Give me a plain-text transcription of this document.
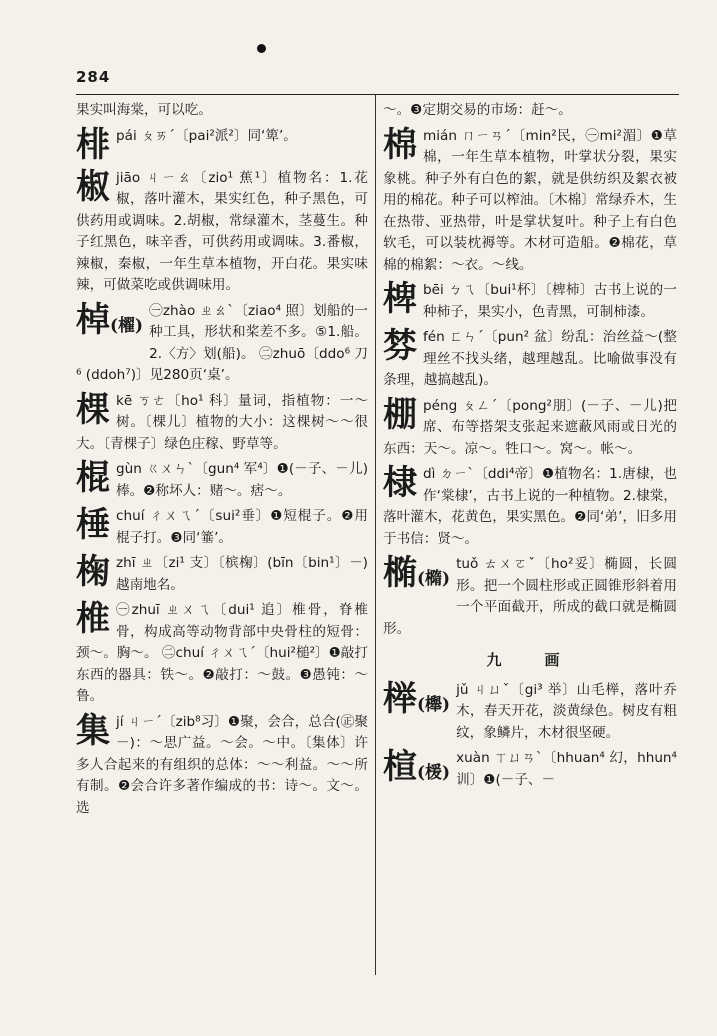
284
果实叫海棠，可以吃。
棑pái ㄆㄞˊ〔pai²派²〕同‘箄’。
椒jiāo ㄐㄧㄠ〔zio¹ 蕉¹〕植物名：1.花椒，落叶灌木，果实红色，种子黑色，可供药用或调味。2.胡椒，常绿灌木，茎蔓生。种子红黑色，味辛香，可供药用或调味。3.番椒，辣椒，秦椒，一年生草本植物，开白花。果实味辣，可做菜吃或供调味用。
棹(櫂)
㊀zhào ㄓㄠˋ〔ziao⁴ 照〕划船的一种工具，形状和桨差不多。⑤1.船。2.〈方〉划(船)。 ㊁zhuō〔ddo⁶ 刀⁶ (ddoh⁷)〕见280页‘桌’。
棵kē ㄎㄜ〔ho¹ 科〕量词，指植物：一～树。〔棵儿〕植物的大小：这棵树～～很大。〔青棵子〕绿色庄稼、野草等。
棍gùn ㄍㄨㄣˋ〔gun⁴ 军⁴〕❶(－子、－儿)棒。❷称坏人：赌～。痞～。
棰chuí ㄔㄨㄟˊ〔sui²垂〕❶短棍子。❷用棍子打。❸同‘箠’。
椈zhī ㄓ〔zi¹ 支〕〔槟椈〕(bīn〔bin¹〕－)越南地名。
椎 ㊀zhuī ㄓㄨㄟ〔dui¹ 追〕椎骨，脊椎骨，构成高等动物背部中央骨柱的短骨：颈～。胸～。 ㊁chuí ㄔㄨㄟˊ〔hui²槌²〕❶敲打东西的器具：铁～。❷敲打：～鼓。❸愚钝：～鲁。
集jí ㄐㄧˊ〔zib⁸习〕❶聚，会合，总合(㊣聚－)：～思广益。～会。～中。〔集体〕许多人合起来的有组织的总体：～～利益。～～所有制。❷会合许多著作编成的书：诗～。文～。选
～。❸定期交易的市场：赶～。
棉mián ㄇㄧㄢˊ〔min²民，㊀mi²湄〕❶草棉，一年生草本植物，叶掌状分裂，果实象桃。种子外有白色的絮，就是供纺织及絮衣被用的棉花。种子可以榨油。〔木棉〕常绿乔木，生在热带、亚热带，叶是掌状复叶。种子上有白色软毛，可以装枕褥等。木材可造船。❷棉花，草棉的棉絮：～衣。～线。
椑bēi ㄅㄟ〔bui¹杯〕〔椑柿〕古书上说的一种柿子，果实小，色青黑，可制柿漆。
棼fén ㄈㄣˊ〔pun² 盆〕纷乱：治丝益～(整理丝不找头绪，越理越乱。比喻做事没有条理，越搞越乱)。
棚péng ㄆㄥˊ〔pong²朋〕(－子、－儿)把席、布等搭架支张起来遮蔽风雨或日光的东西：天～。凉～。牲口～。窝～。帐～。
棣dì ㄉㄧˋ〔ddi⁴帝〕❶植物名：1.唐棣，也作‘棠棣’，古书上说的一种植物。2.棣棠，落叶灌木，花黄色，果实黑色。❷同‘弟’，旧多用于书信：贤～。
椭(橢)
tuǒ ㄊㄨㄛˇ〔ho²妥〕椭圆，长圆形。把一个圆柱形或正圆锥形斜着用一个平面截开，所成的截口就是椭圆形。
九　画
榉(櫸)
jǔ ㄐㄩˇ〔gi³ 举〕山毛榉，落叶乔木，春天开花，淡黄绿色。树皮有粗纹，象鳞片，木材很坚硬。
楦(楥)
xuàn ㄒㄩㄢˋ〔hhuan⁴ 幻，hhun⁴ 训〕❶(－子、－
